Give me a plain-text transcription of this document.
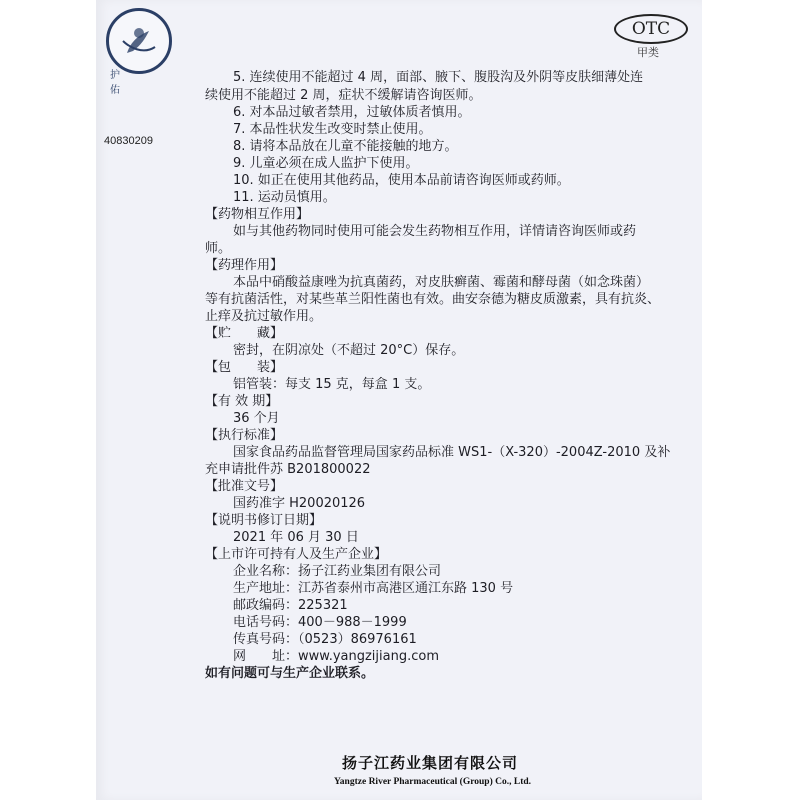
护 佑
OTC
甲类
40830209
5. 连续使用不能超过 4 周，面部、腋下、腹股沟及外阴等皮肤细薄处连
续使用不能超过 2 周，症状不缓解请咨询医师。
6. 对本品过敏者禁用，过敏体质者慎用。
7. 本品性状发生改变时禁止使用。
8. 请将本品放在儿童不能接触的地方。
9. 儿童必须在成人监护下使用。
10. 如正在使用其他药品，使用本品前请咨询医师或药师。
11. 运动员慎用。
【药物相互作用】
如与其他药物同时使用可能会发生药物相互作用，详情请咨询医师或药
师。
【药理作用】
本品中硝酸益康唑为抗真菌药，对皮肤癣菌、霉菌和酵母菌（如念珠菌）
等有抗菌活性，对某些革兰阳性菌也有效。曲安奈德为糖皮质激素，具有抗炎、
止痒及抗过敏作用。
【贮　　藏】
密封，在阴凉处（不超过 20°C）保存。
【包　　装】
铝管装：每支 15 克，每盒 1 支。
【有 效 期】
36 个月
【执行标准】
国家食品药品监督管理局国家药品标准 WS1-（X-320）-2004Z-2010 及补
充申请批件苏 B201800022
【批准文号】
国药准字 H20020126
【说明书修订日期】
2021 年 06 月 30 日
【上市许可持有人及生产企业】
企业名称：扬子江药业集团有限公司
生产地址：江苏省泰州市高港区通江东路 130 号
邮政编码：225321
电话号码：400－988－1999
传真号码：（0523）86976161
网　　址：www.yangzijiang.com
如有问题可与生产企业联系。
扬子江药业集团有限公司
Yangtze River Pharmaceutical (Group) Co., Ltd.
